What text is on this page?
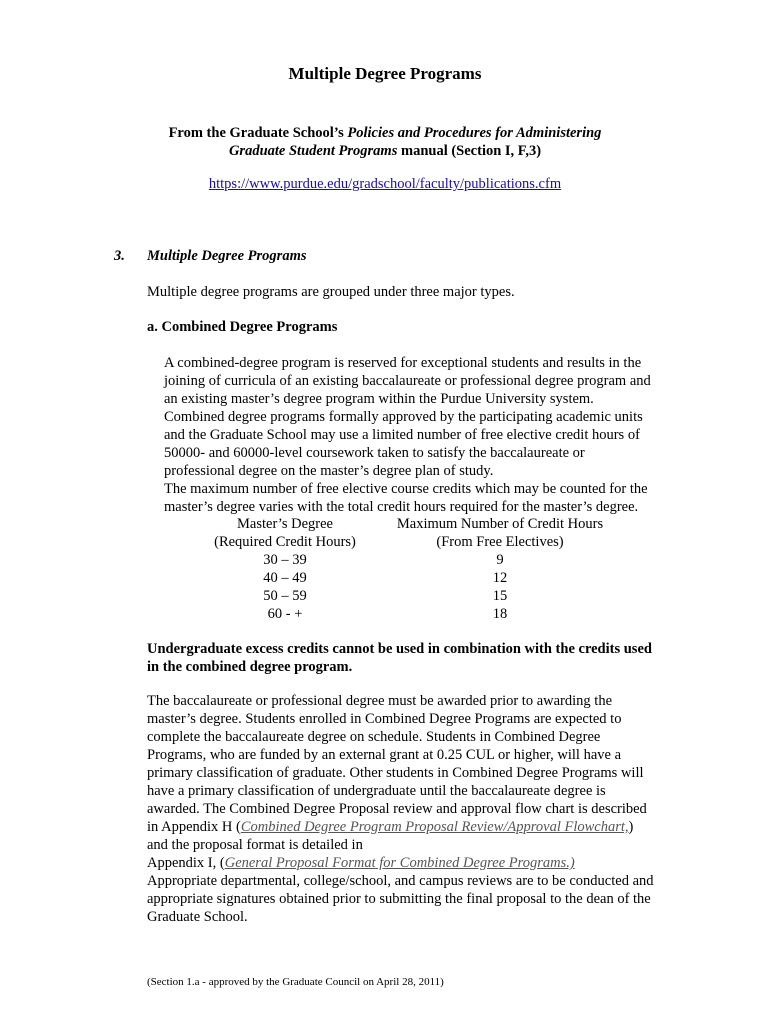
Multiple Degree Programs
From the Graduate School’s Policies and Procedures for Administering
Graduate Student Programs manual (Section I, F,3)
https://www.purdue.edu/gradschool/faculty/publications.cfm
3. Multiple Degree Programs
Multiple degree programs are grouped under three major types.
a. Combined Degree Programs

A combined-degree program is reserved for exceptional students and results in the

joining of curricula of an existing baccalaureate or professional degree program and

an existing master’s degree program within the Purdue University system.

Combined degree programs formally approved by the participating academic units

and the Graduate School may use a limited number of free elective credit hours of

50000- and 60000-level coursework taken to satisfy the baccalaureate or

professional degree on the master’s degree plan of study.

The maximum number of free elective course credits which may be counted for the

master’s degree varies with the total credit hours required for the master’s degree.

Master’s Degree	Maximum Number of Credit Hours
(Required Credit Hours)	(From Free Electives)
30 – 39	9
40 – 49	12
50 – 59	15
60 - +	18
Undergraduate excess credits cannot be used in combination with the credits used
in the combined degree program.

The baccalaureate or professional degree must be awarded prior to awarding the

master’s degree. Students enrolled in Combined Degree Programs are expected to

complete the baccalaureate degree on schedule. Students in Combined Degree

Programs, who are funded by an external grant at 0.25 CUL or higher, will have a

primary classification of graduate. Other students in Combined Degree Programs will

have a primary classification of undergraduate until the baccalaureate degree is

awarded. The Combined Degree Proposal review and approval flow chart is described

in Appendix H (Combined Degree Program Proposal Review/Approval Flowchart,)

and the proposal format is detailed in

Appendix I, (General Proposal Format for Combined Degree Programs.)

Appropriate departmental, college/school, and campus reviews are to be conducted and

appropriate signatures obtained prior to submitting the final proposal to the dean of the

Graduate School.

(Section 1.a - approved by the Graduate Council on April 28, 2011)
